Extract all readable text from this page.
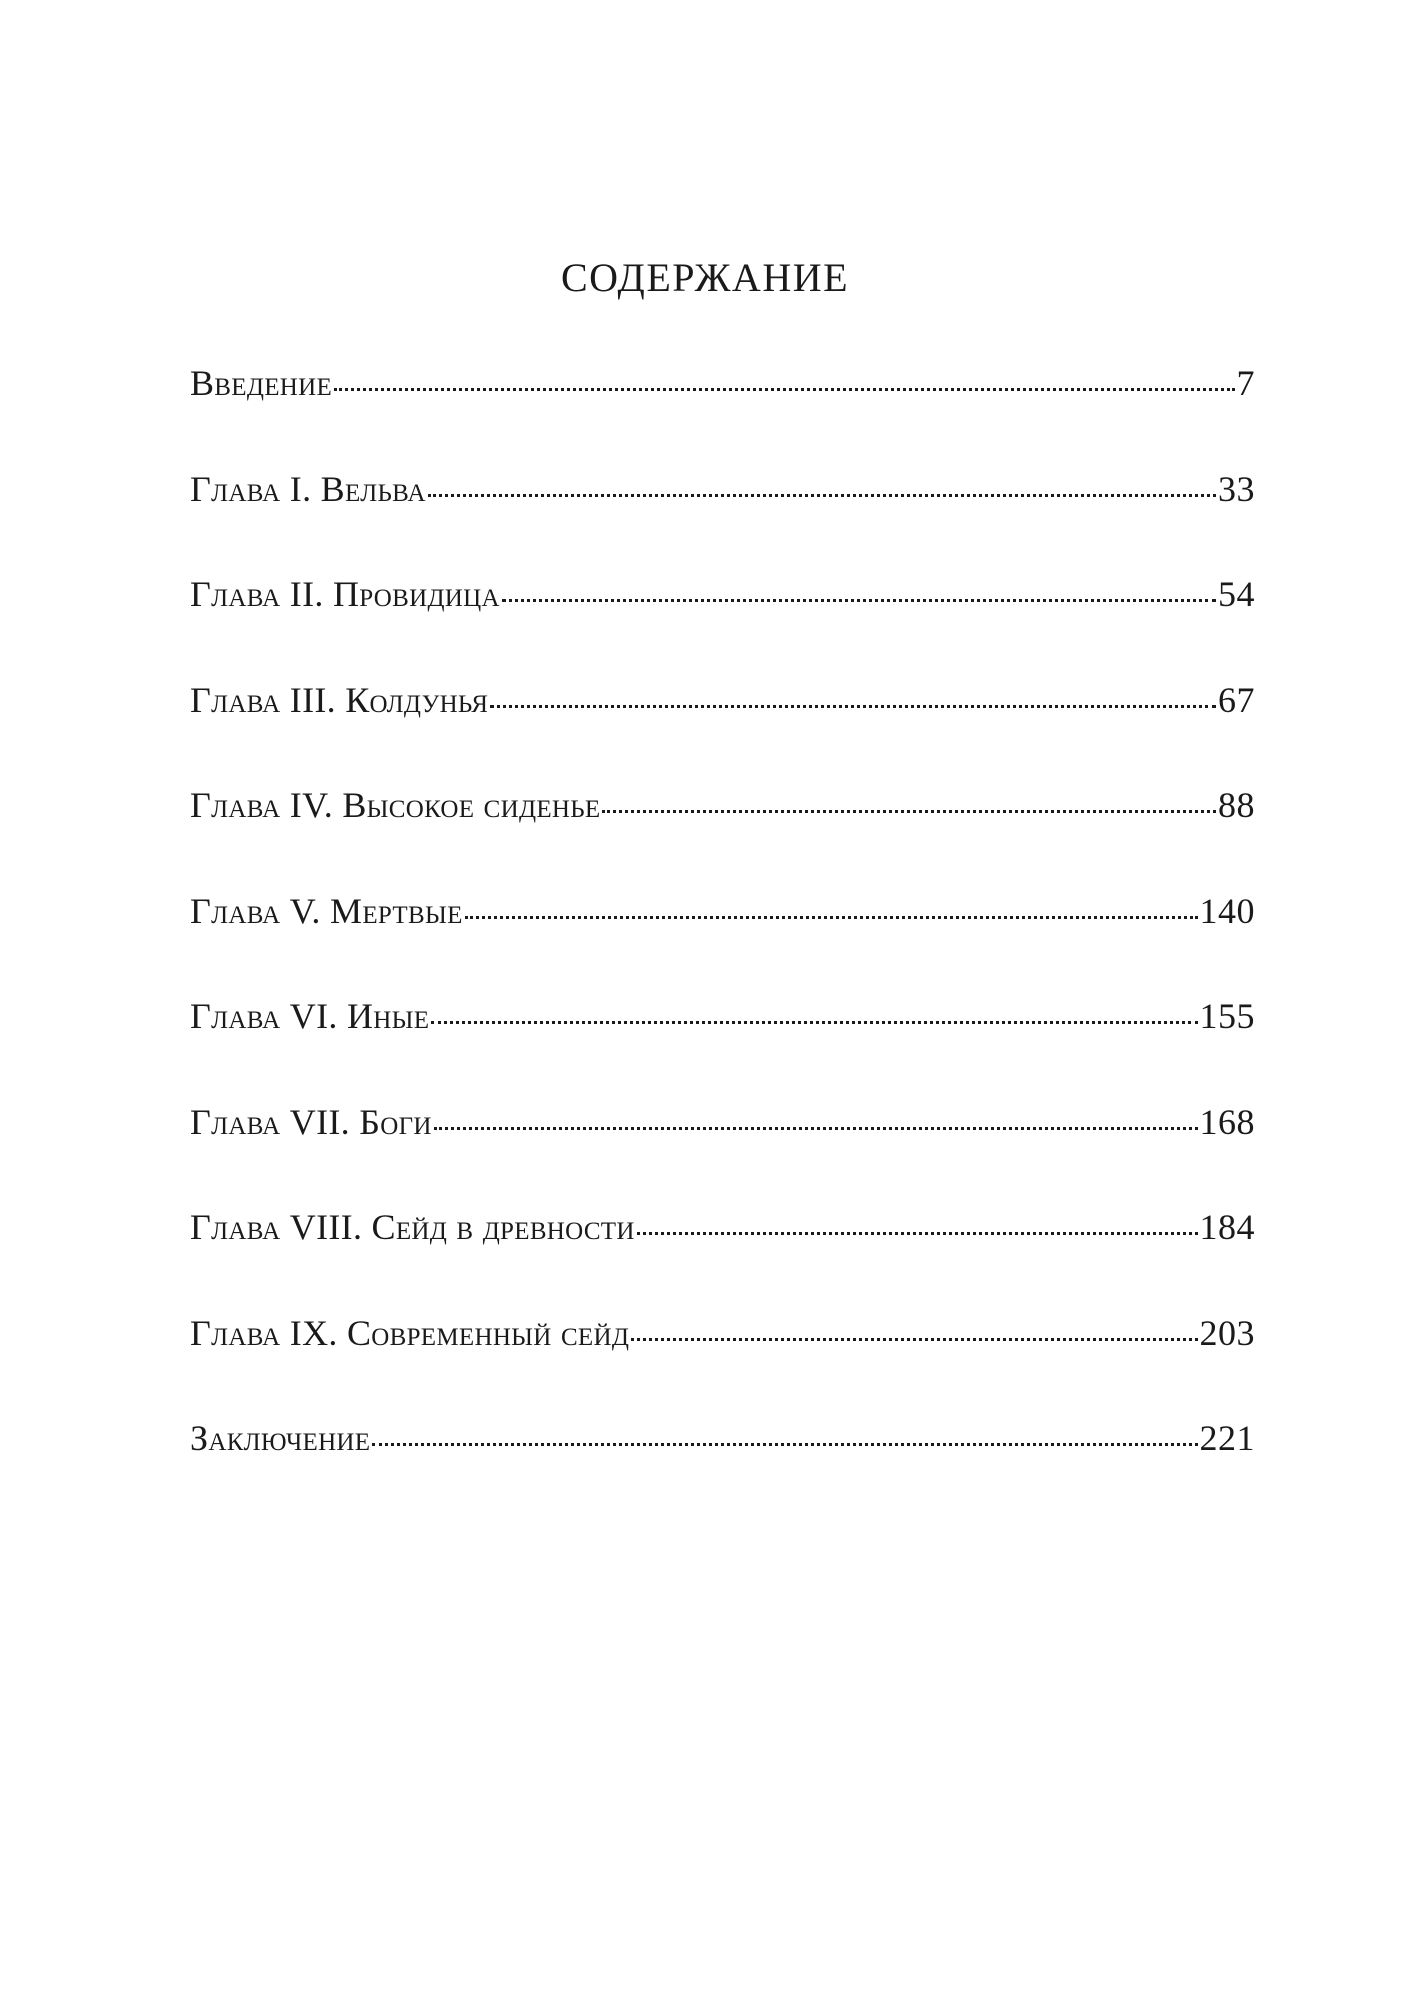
СОДЕРЖАНИЕ
Введение	7
Глава I. Вельва	33
Глава II. Провидица	54
Глава III. Колдунья	67
Глава IV. Высокое сиденье	88
Глава V. Мертвые	140
Глава VI. Иные	155
Глава VII. Боги	168
Глава VIII. Сейд в древности	184
Глава IX. Современный сейд	203
Заключение	221
